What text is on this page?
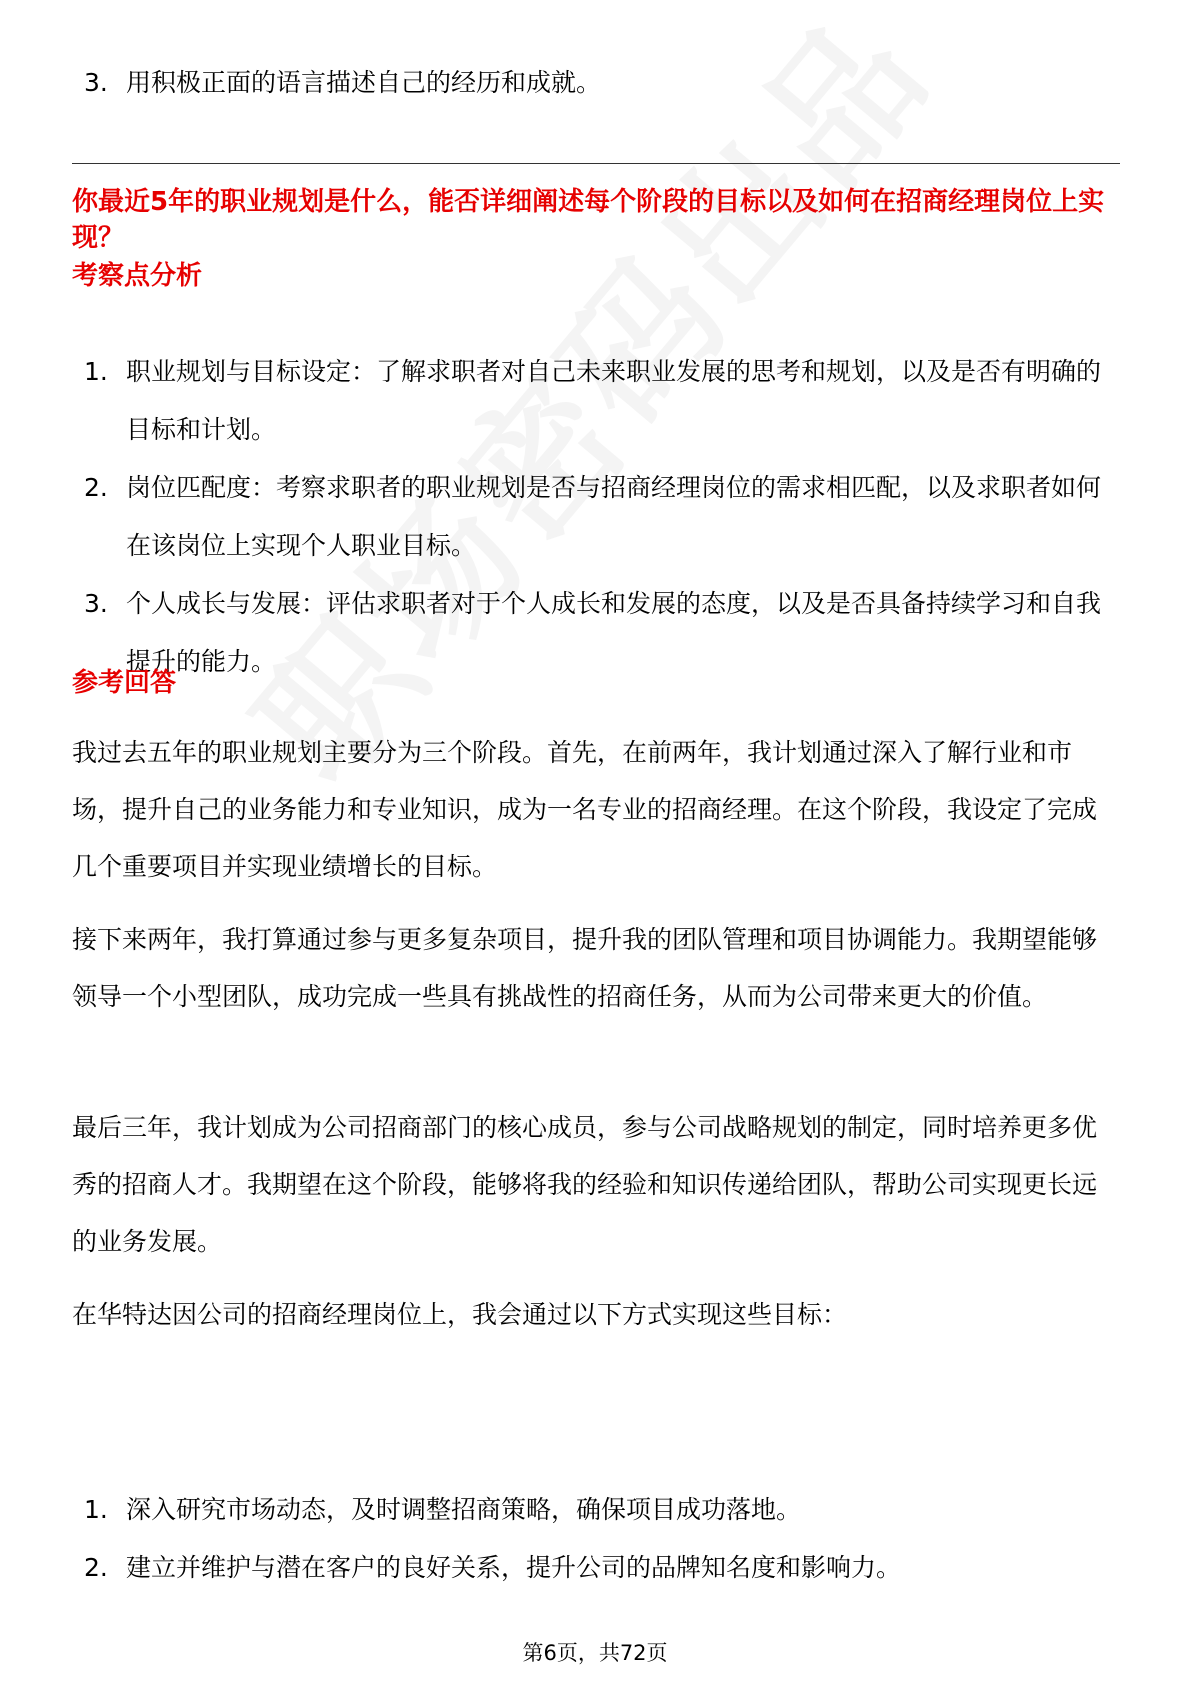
3. 用积极正面的语言描述自己的经历和成就。
你最近5年的职业规划是什么，能否详细阐述每个阶段的目标以及如何在招商经理岗位上实现？
考察点分析
1. 职业规划与目标设定：了解求职者对自己未来职业发展的思考和规划，以及是否有明确的目标和计划。
2. 岗位匹配度：考察求职者的职业规划是否与招商经理岗位的需求相匹配，以及求职者如何在该岗位上实现个人职业目标。
3. 个人成长与发展：评估求职者对于个人成长和发展的态度，以及是否具备持续学习和自我提升的能力。
参考回答
我过去五年的职业规划主要分为三个阶段。首先，在前两年，我计划通过深入了解行业和市场，提升自己的业务能力和专业知识，成为一名专业的招商经理。在这个阶段，我设定了完成几个重要项目并实现业绩增长的目标。
接下来两年，我打算通过参与更多复杂项目，提升我的团队管理和项目协调能力。我期望能够领导一个小型团队，成功完成一些具有挑战性的招商任务，从而为公司带来更大的价值。
最后三年，我计划成为公司招商部门的核心成员，参与公司战略规划的制定，同时培养更多优秀的招商人才。我期望在这个阶段，能够将我的经验和知识传递给团队，帮助公司实现更长远的业务发展。
在华特达因公司的招商经理岗位上，我会通过以下方式实现这些目标：
1. 深入研究市场动态，及时调整招商策略，确保项目成功落地。
2. 建立并维护与潜在客户的良好关系，提升公司的品牌知名度和影响力。
第6页，共72页
